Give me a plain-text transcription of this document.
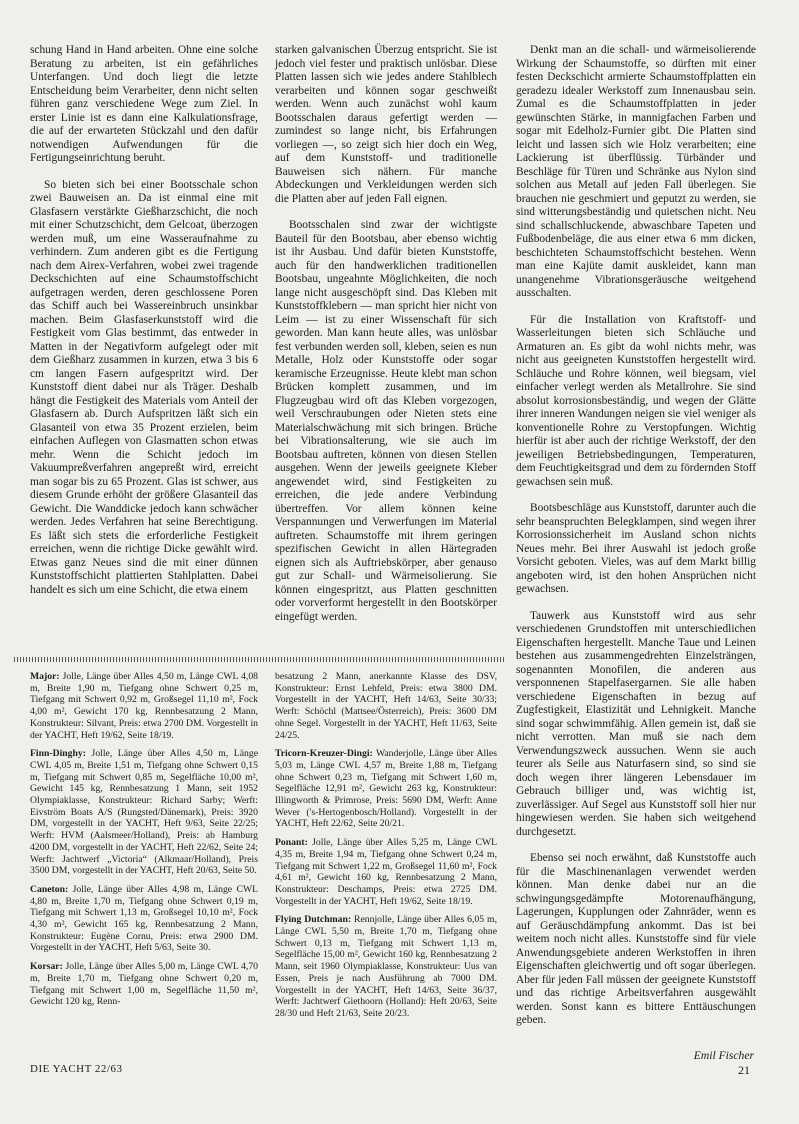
schung Hand in Hand arbeiten. Ohne eine solche Beratung zu arbeiten, ist ein gefährliches Unterfangen. Und doch liegt die letzte Entscheidung beim Verarbeiter, denn nicht selten führen ganz verschiedene Wege zum Ziel. In erster Linie ist es dann eine Kalkulationsfrage, die auf der erwarteten Stückzahl und den dafür notwendigen Aufwendungen für die Fertigungseinrichtung beruht.

So bieten sich bei einer Bootsschale schon zwei Bauweisen an. Da ist einmal eine mit Glasfasern verstärkte Gießharzschicht, die noch mit einer Schutzschicht, dem Gelcoat, überzogen werden muß, um eine Wasseraufnahme zu verhindern. Zum anderen gibt es die Fertigung nach dem Airex-Verfahren, wobei zwei tragende Deckschichten auf eine Schaumstoffschicht aufgetragen werden, deren geschlossene Poren das Schiff auch bei Wassereinbruch unsinkbar machen. Beim Glasfaserkunststoff wird die Festigkeit vom Glas bestimmt, das entweder in Matten in der Negativform aufgelegt oder mit dem Gießharz zusammen in kurzen, etwa 3 bis 6 cm langen Fasern aufgespritzt wird. Der Kunststoff dient dabei nur als Träger. Deshalb hängt die Festigkeit des Materials vom Anteil der Glasfasern ab. Durch Aufspritzen läßt sich ein Glasanteil von etwa 35 Prozent erzielen, beim einfachen Auflegen von Glasmatten schon etwas mehr. Wenn die Schicht jedoch im Vakuumpreßverfahren angepreßt wird, erreicht man sogar bis zu 65 Prozent. Glas ist schwer, aus diesem Grunde erhöht der größere Glasanteil das Gewicht. Die Wanddicke jedoch kann schwächer werden. Jedes Verfahren hat seine Berechtigung. Es läßt sich stets die erforderliche Festigkeit erreichen, wenn die richtige Dicke gewählt wird. Etwas ganz Neues sind die mit einer dünnen Kunststoffschicht plattierten Stahlplatten. Dabei handelt es sich um eine Schicht, die etwa einem

starken galvanischen Überzug entspricht. Sie ist jedoch viel fester und praktisch unlösbar. Diese Platten lassen sich wie jedes andere Stahlblech verarbeiten und können sogar geschweißt werden. Wenn auch zunächst wohl kaum Bootsschalen daraus gefertigt werden — zumindest so lange nicht, bis Erfahrungen vorliegen —, so zeigt sich hier doch ein Weg, auf dem Kunststoff- und traditionelle Bauweisen sich nähern. Für manche Abdeckungen und Verkleidungen werden sich die Platten aber auf jeden Fall eignen.

Bootsschalen sind zwar der wichtigste Bauteil für den Bootsbau, aber ebenso wichtig ist ihr Ausbau. Und dafür bieten Kunststoffe, auch für den handwerklichen traditionellen Bootsbau, ungeahnte Möglichkeiten, die noch lange nicht ausgeschöpft sind. Das Kleben mit Kunststoffklebern — man spricht hier nicht von Leim — ist zu einer Wissenschaft für sich geworden. Man kann heute alles, was unlösbar fest verbunden werden soll, kleben, seien es nun Metalle, Holz oder Kunststoffe oder sogar keramische Erzeugnisse. Heute klebt man schon Brücken komplett zusammen, und im Flugzeugbau wird oft das Kleben vorgezogen, weil Verschraubungen oder Nieten stets eine Materialschwächung mit sich bringen. Brüche bei Vibrationsalterung, wie sie auch im Bootsbau auftreten, können von diesen Stellen ausgehen. Wenn der jeweils geeignete Kleber angewendet wird, sind Festigkeiten zu erreichen, die jede andere Verbindung übertreffen. Vor allem können keine Verspannungen und Verwerfungen im Material auftreten. Schaumstoffe mit ihrem geringen spezifischen Gewicht in allen Härtegraden eignen sich als Auftriebskörper, aber genauso gut zur Schall- und Wärmeisolierung. Sie können eingespritzt, aus Platten geschnitten oder vorverformt hergestellt in den Bootskörper eingefügt werden.

Denkt man an die schall- und wärmeisolierende Wirkung der Schaumstoffe, so dürften mit einer festen Deckschicht armierte Schaumstoffplatten ein geradezu idealer Werkstoff zum Innenausbau sein. Zumal es die Schaumstoffplatten in jeder gewünschten Stärke, in mannigfachen Farben und sogar mit Edelholz-Furnier gibt. Die Platten sind leicht und lassen sich wie Holz verarbeiten; eine Lackierung ist überflüssig. Türbänder und Beschläge für Türen und Schränke aus Nylon sind solchen aus Metall auf jeden Fall überlegen. Sie brauchen nie geschmiert und geputzt zu werden, sie sind witterungsbeständig und quietschen nicht. Neu sind schallschluckende, abwaschbare Tapeten und Fußbodenbeläge, die aus einer etwa 6 mm dicken, beschichteten Schaumstoffschicht bestehen. Wenn man eine Kajüte damit auskleidet, kann man unangenehme Vibrationsgeräusche weitgehend ausschalten.

Für die Installation von Kraftstoff- und Wasserleitungen bieten sich Schläuche und Armaturen an. Es gibt da wohl nichts mehr, was nicht aus geeigneten Kunststoffen hergestellt wird. Schläuche und Rohre können, weil biegsam, viel einfacher verlegt werden als Metallrohre. Sie sind absolut korrosionsbeständig, und wegen der Glätte ihrer inneren Wandungen neigen sie viel weniger als konventionelle Rohre zu Verstopfungen. Wichtig hierfür ist aber auch der richtige Werkstoff, der den jeweiligen Betriebsbedingungen, Temperaturen, dem Feuchtigkeitsgrad und dem zu fördernden Stoff gewachsen sein muß.

Bootsbeschläge aus Kunststoff, darunter auch die sehr beanspruchten Belegklampen, sind wegen ihrer Korrosionssicherheit im Ausland schon nichts Neues mehr. Bei ihrer Auswahl ist jedoch große Vorsicht geboten. Vieles, was auf dem Markt billig angeboten wird, ist den hohen Ansprüchen nicht gewachsen.

Tauwerk aus Kunststoff wird aus sehr verschiedenen Grundstoffen mit unterschiedlichen Eigenschaften hergestellt. Manche Taue und Leinen bestehen aus zusammengedrehten Einzelsträngen, sogenannten Monofilen, die anderen aus versponnenen Stapelfasergarnen. Sie alle haben verschiedene Eigenschaften in bezug auf Zugfestigkeit, Elastizität und Lehnigkeit. Manche sind sogar schwimmfähig. Allen gemein ist, daß sie nicht verrotten. Man muß sie nach dem Verwendungszweck aussuchen. Wenn sie auch teurer als Seile aus Naturfasern sind, so sind sie doch wegen ihrer längeren Lebensdauer im Gebrauch billiger und, was wichtig ist, zuverlässiger. Auf Segel aus Kunststoff soll hier nur hingewiesen werden. Sie haben sich weitgehend durchgesetzt.

Ebenso sei noch erwähnt, daß Kunststoffe auch für die Maschinenanlagen verwendet werden können. Man denke dabei nur an die schwingungsgedämpfte Motorenaufhängung, Lagerungen, Kupplungen oder Zahnräder, wenn es auf Geräuschdämpfung ankommt. Das ist bei weitem noch nicht alles. Kunststoffe sind für viele Anwendungsgebiete anderen Werkstoffen in ihren Eigenschaften gleichwertig und oft sogar überlegen. Aber für jeden Fall müssen der geeignete Kunststoff und das richtige Arbeitsverfahren ausgewählt werden. Sonst kann es bittere Enttäuschungen geben.

Major: Jolle, Länge über Alles 4,50 m, Länge CWL 4,08 m, Breite 1,90 m, Tiefgang ohne Schwert 0,25 m, Tiefgang mit Schwert 0,92 m, Großsegel 11,10 m², Fock 4,00 m², Gewicht 170 kg, Rennbesatzung 2 Mann, Konstrukteur: Silvant, Preis: etwa 2700 DM. Vorgestellt in der YACHT, Heft 19/62, Seite 18/19.

Finn-Dinghy: Jolle, Länge über Alles 4,50 m, Länge CWL 4,05 m, Breite 1,51 m, Tiefgang ohne Schwert 0,15 m, Tiefgang mit Schwert 0,85 m, Segelfläche 10,00 m², Gewicht 145 kg, Rennbesatzung 1 Mann, seit 1952 Olympiaklasse, Konstrukteur: Richard Sarby; Werft: Eivström Boats A/S (Rungsted/Dänemark), Preis: 3920 DM, vorgestellt in der YACHT, Heft 9/63, Seite 22/25; Werft: HVM (Aalsmeer/Holland), Preis: ab Hamburg 4200 DM, vorgestellt in der YACHT, Heft 22/62, Seite 24; Werft: Jachtwerf „Victoria“ (Alkmaar/Holland), Preis 3500 DM, vorgestellt in der YACHT, Heft 20/63, Seite 50.

Caneton: Jolle, Länge über Alles 4,98 m, Länge CWL 4,80 m, Breite 1,70 m, Tiefgang ohne Schwert 0,19 m, Tiefgang mit Schwert 1,13 m, Großsegel 10,10 m², Fock 4,30 m², Gewicht 165 kg, Rennbesatzung 2 Mann, Konstrukteur: Eugène Cornu, Preis: etwa 2900 DM. Vorgestellt in der YACHT, Heft 5/63, Seite 30.

Korsar: Jolle, Länge über Alles 5,00 m, Länge CWL 4,70 m, Breite 1,70 m, Tiefgang ohne Schwert 0,20 m, Tiefgang mit Schwert 1,00 m, Segelfläche 11,50 m², Gewicht 120 kg, Renn-

besatzung 2 Mann, anerkannte Klasse des DSV, Konstrukteur: Ernst Lehfeld, Preis: etwa 3800 DM. Vorgestellt in der YACHT, Heft 14/63, Seite 30/33; Werft: Schöchl (Mattsee/Österreich), Preis: 3600 DM ohne Segel. Vorgestellt in der YACHT, Heft 11/63, Seite 24/25.

Tricorn-Kreuzer-Dingi: Wanderjolle, Länge über Alles 5,03 m, Länge CWL 4,57 m, Breite 1,88 m, Tiefgang ohne Schwert 0,23 m, Tiefgang mit Schwert 1,60 m, Segelfläche 12,91 m², Gewicht 263 kg, Konstrukteur: Illingworth & Primrose, Preis: 5690 DM, Werft: Anne Wever ('s-Hertogenbosch/Holland). Vorgestellt in der YACHT, Heft 22/62, Seite 20/21.

Ponant: Jolle, Länge über Alles 5,25 m, Länge CWL 4,35 m, Breite 1,94 m, Tiefgang ohne Schwert 0,24 m, Tiefgang mit Schwert 1,22 m, Großsegel 11,60 m², Fock 4,61 m², Gewicht 160 kg, Rennbesatzung 2 Mann, Konstrukteur: Deschamps, Preis: etwa 2725 DM. Vorgestellt in der YACHT, Heft 19/62, Seite 18/19.

Flying Dutchman: Rennjolle, Länge über Alles 6,05 m, Länge CWL 5,50 m, Breite 1,70 m, Tiefgang ohne Schwert 0,13 m, Tiefgang mit Schwert 1,13 m, Segelfläche 15,00 m², Gewicht 160 kg, Rennbesatzung 2 Mann, seit 1960 Olympiaklasse, Konstrukteur: Uus van Essen, Preis je nach Ausführung ab 7000 DM. Vorgestellt in der YACHT, Heft 14/63, Seite 36/37, Werft: Jachtwerf Giethoorn (Holland): Heft 20/63, Seite 28/30 und Heft 21/63, Seite 20/23.

Emil Fischer
DIE YACHT 22/63	21
